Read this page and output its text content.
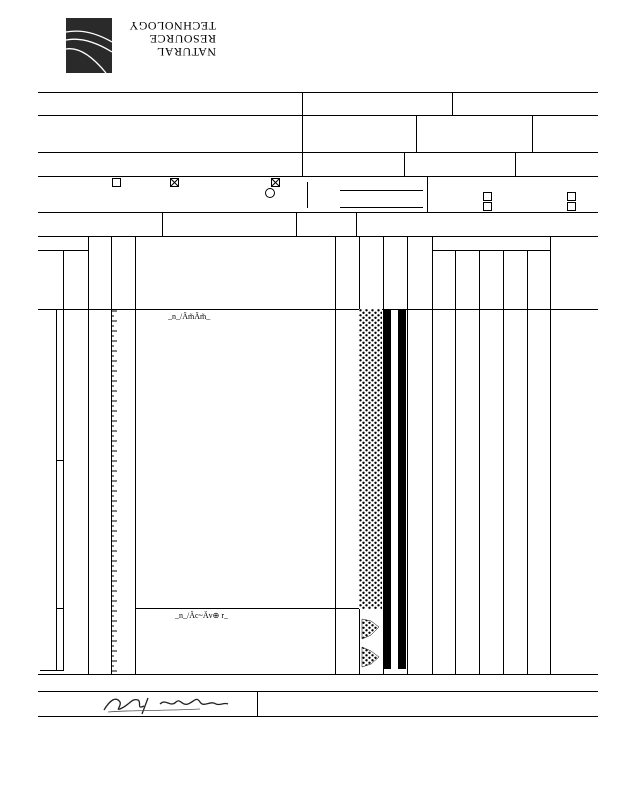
NATURAL
RESOURCE
TECHNOLOGY
_n_/Äm̃Äm̃_
_n_/Äc~Äv⊕ r_
